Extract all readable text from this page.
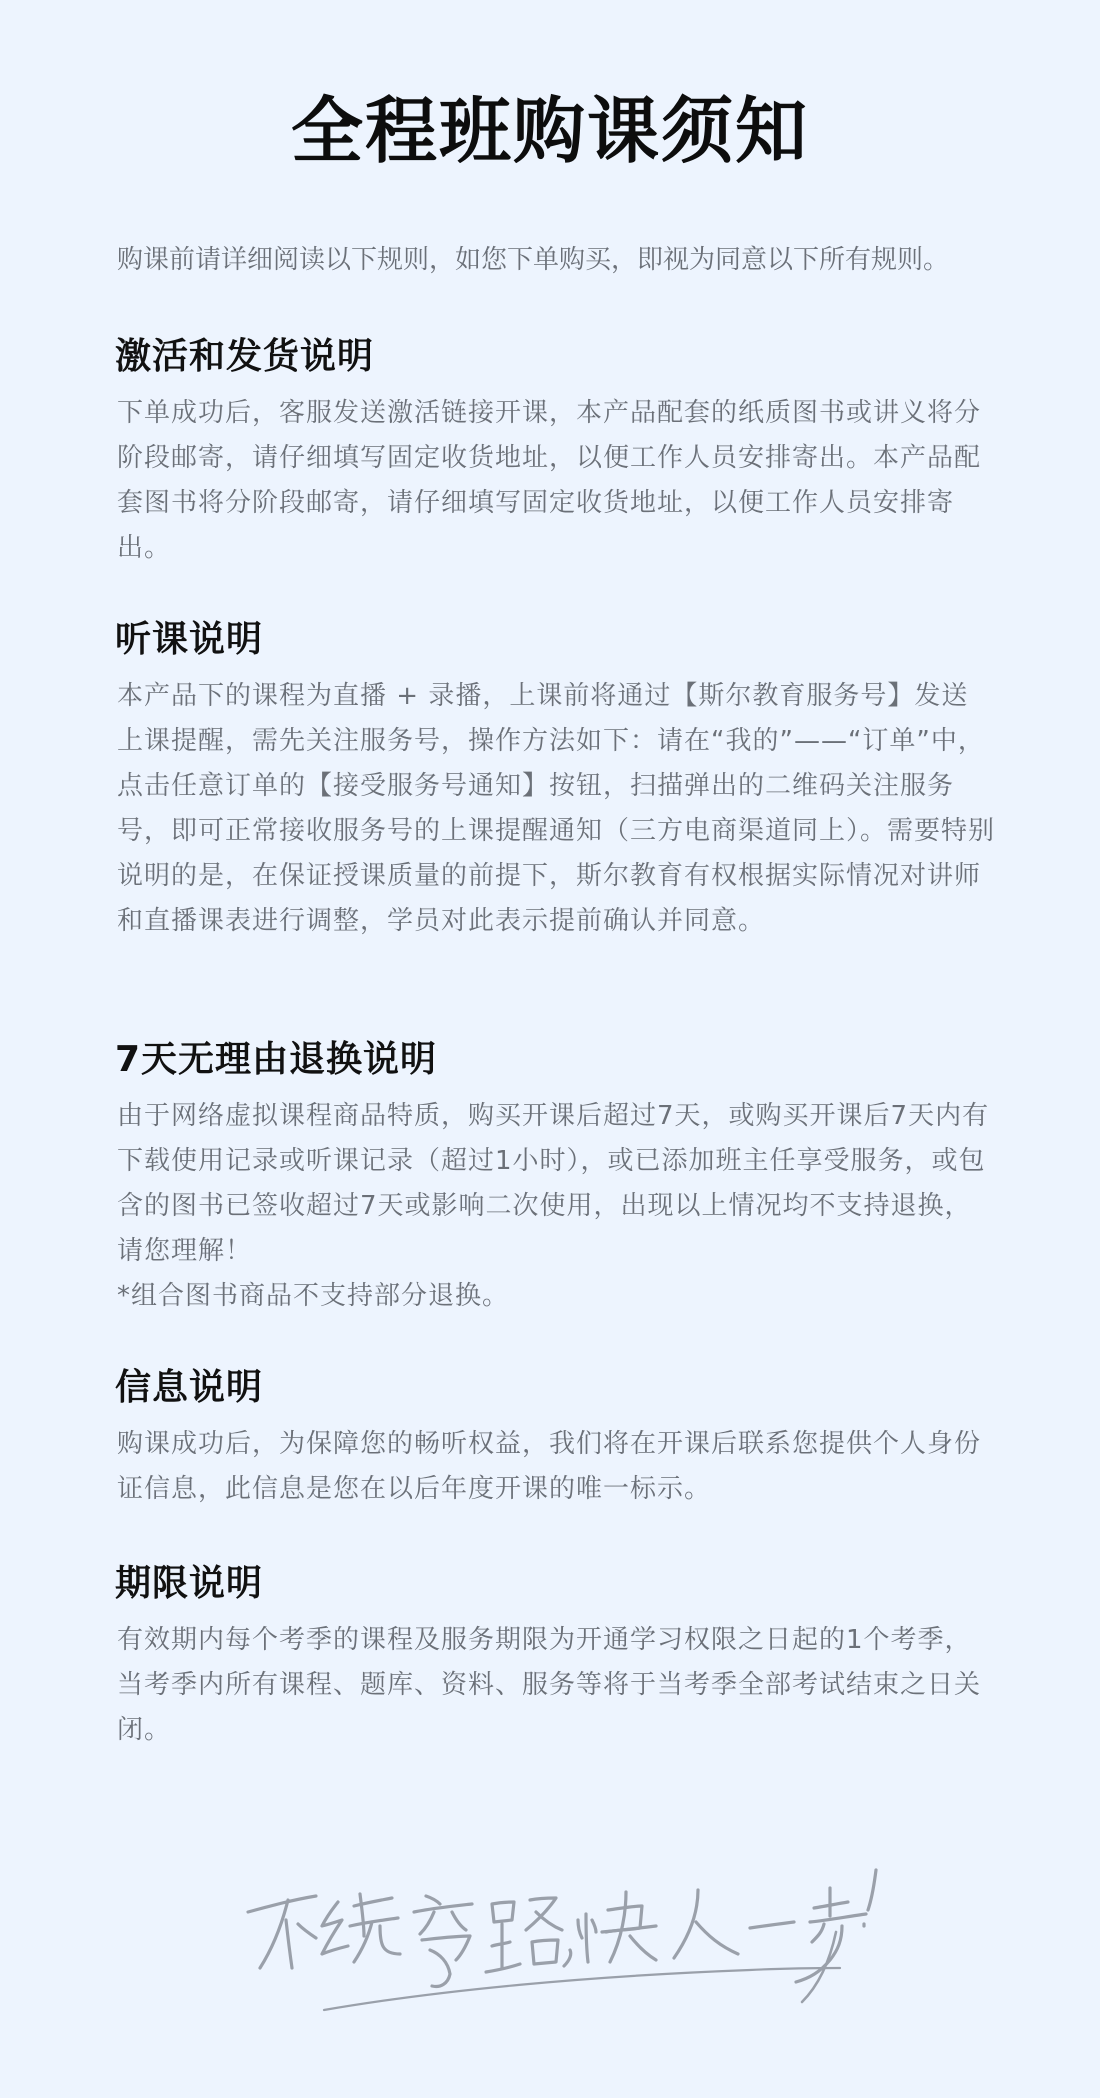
全程班购课须知
购课前请详细阅读以下规则，如您下单购买，即视为同意以下所有规则。
激活和发货说明

下单成功后，客服发送激活链接开课，本产品配套的纸质图书或讲义将分阶段邮寄，请仔细填写固定收货地址，以便工作人员安排寄出。本产品配套图书将分阶段邮寄，请仔细填写固定收货地址，以便工作人员安排寄出。

听课说明

本产品下的课程为直播 + 录播，上课前将通过【斯尔教育服务号】发送上课提醒，需先关注服务号，操作方法如下：请在“我的”——“订单”中，点击任意订单的【接受服务号通知】按钮，扫描弹出的二维码关注服务号，即可正常接收服务号的上课提醒通知（三方电商渠道同上）。需要特别说明的是，在保证授课质量的前提下，斯尔教育有权根据实际情况对讲师和直播课表进行调整，学员对此表示提前确认并同意。

7天无理由退换说明

由于网络虚拟课程商品特质，购买开课后超过7天，或购买开课后7天内有下载使用记录或听课记录（超过1小时），或已添加班主任享受服务，或包含的图书已签收超过7天或影响二次使用，出现以上情况均不支持退换，请您理解！

*组合图书商品不支持部分退换。

信息说明

购课成功后，为保障您的畅听权益，我们将在开课后联系您提供个人身份证信息，此信息是您在以后年度开课的唯一标示。

期限说明

有效期内每个考季的课程及服务期限为开通学习权限之日起的1个考季，当考季内所有课程、题库、资料、服务等将于当考季全部考试结束之日关闭。
